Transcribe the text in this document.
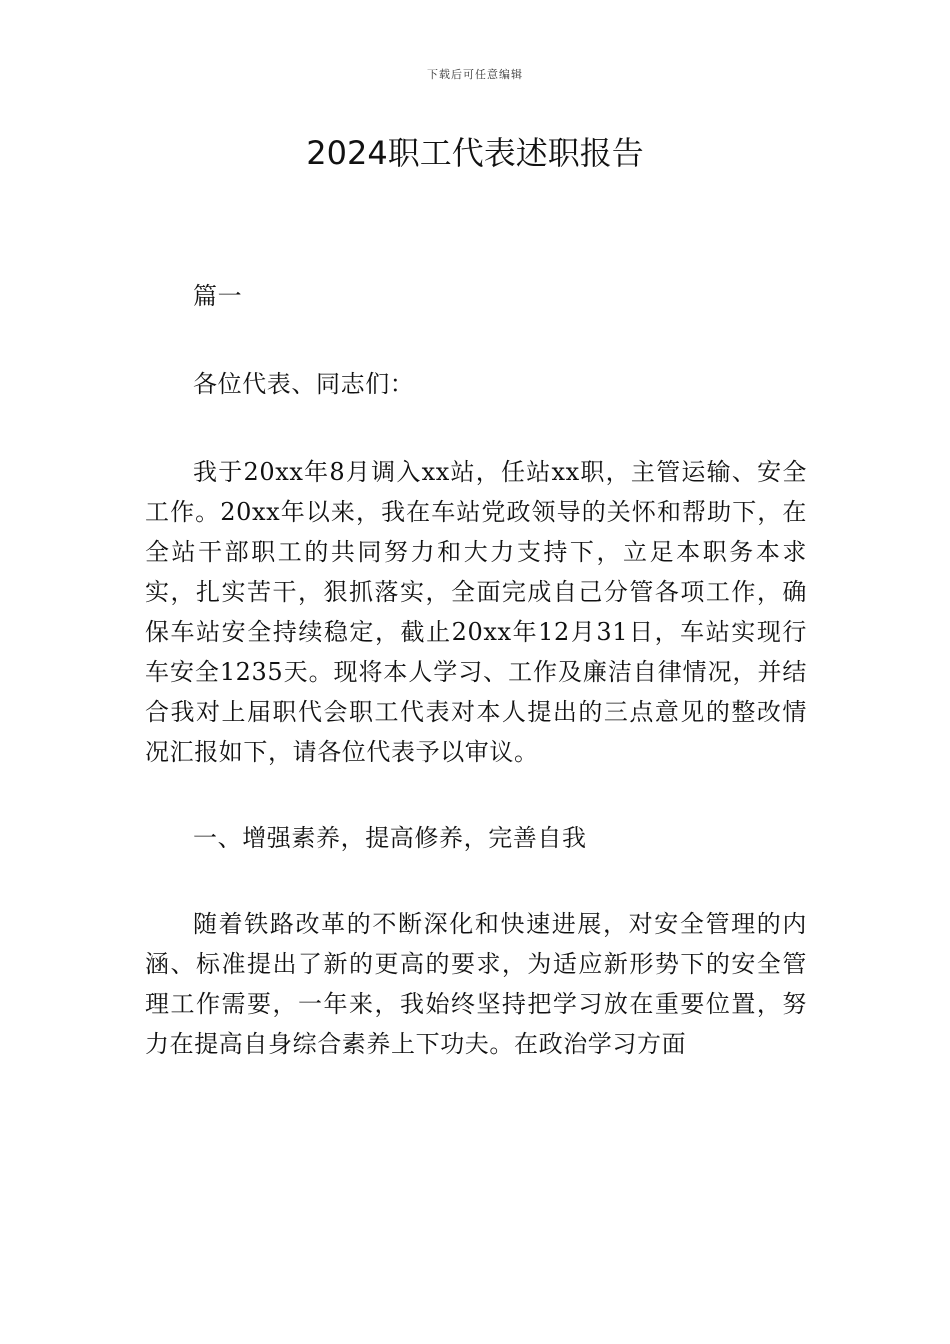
下载后可任意编辑
2024职工代表述职报告

篇一

各位代表、同志们：

我于20xx年8月调入xx站，任站xx职，主管运输、安全工作。20xx年以来，我在车站党政领导的关怀和帮助下，在全站干部职工的共同努力和大力支持下，立足本职务本求实，扎实苦干，狠抓落实，全面完成自己分管各项工作，确保车站安全持续稳定，截止20xx年12月31日，车站实现行车安全1235天。现将本人学习、工作及廉洁自律情况，并结合我对上届职代会职工代表对本人提出的三点意见的整改情况汇报如下，请各位代表予以审议。

一、增强素养，提高修养，完善自我

随着铁路改革的不断深化和快速进展，对安全管理的内涵、标准提出了新的更高的要求，为适应新形势下的安全管理工作需要，一年来，我始终坚持把学习放在重要位置，努力在提高自身综合素养上下功夫。在政治学习方面
